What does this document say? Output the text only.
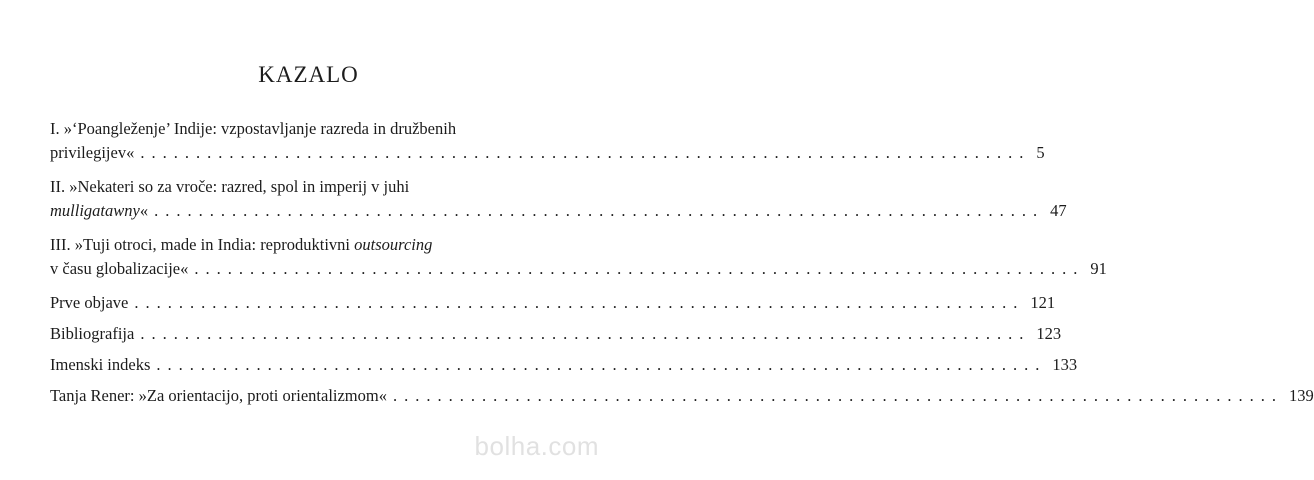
KAZALO
I. »‘Poangleženje’ Indije: vzpostavljanje razreda in družbenih
privilegijev« ................................................................................ 5
II. »Nekateri so za vroče: razred, spol in imperij v juhi
mulligatawny« ................................................................................ 47
III. »Tuji otroci, made in India: reproduktivni outsourcing
v času globalizacije« ................................................................................ 91
Prve objave ................................................................................ 121
Bibliografija ................................................................................ 123
Imenski indeks ................................................................................ 133
Tanja Rener: »Za orientacijo, proti orientalizmom« ................................................................................ 139
bolha.com
